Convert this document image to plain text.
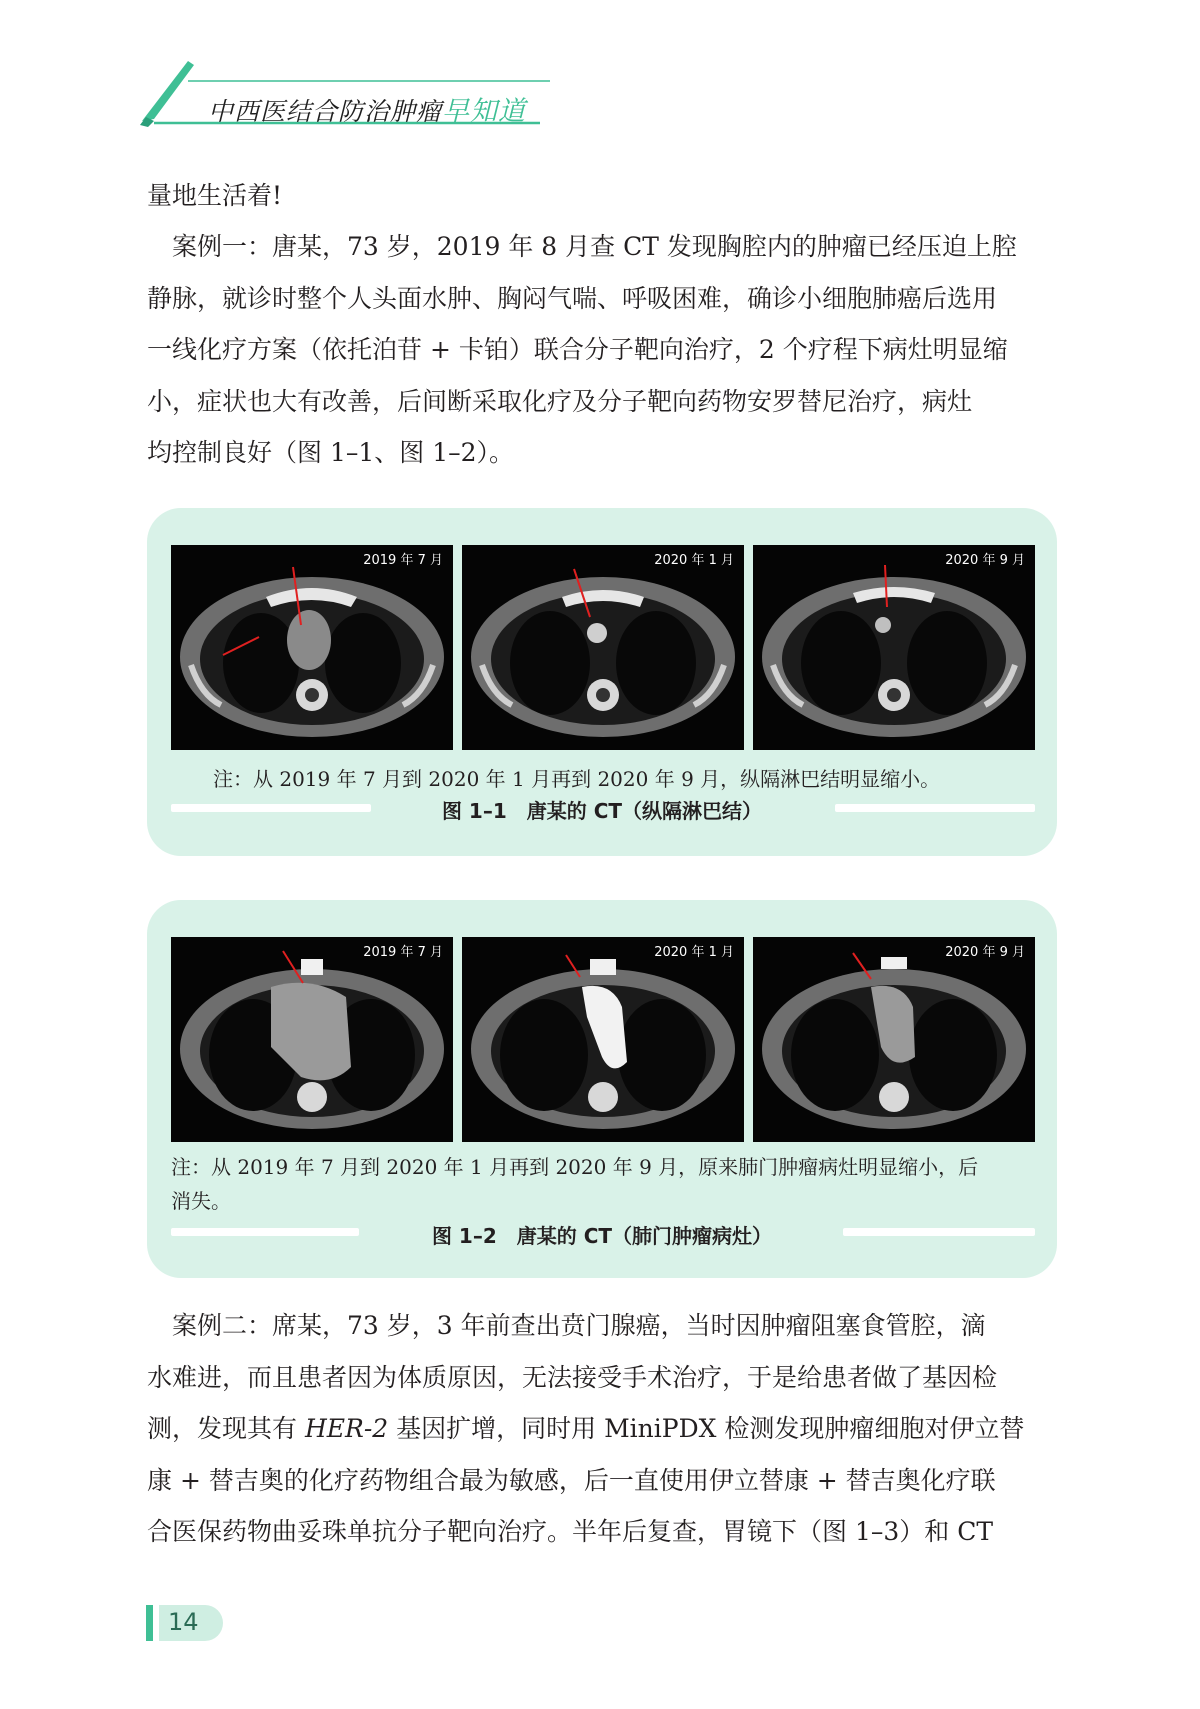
中西医结合防治肿瘤早知道
量地生活着!
　案例一：唐某，73 岁，2019 年 8 月查 CT 发现胸腔内的肿瘤已经压迫上腔
静脉，就诊时整个人头面水肿、胸闷气喘、呼吸困难，确诊小细胞肺癌后选用
一线化疗方案（依托泊苷 + 卡铂）联合分子靶向治疗，2 个疗程下病灶明显缩
小，症状也大有改善，后间断采取化疗及分子靶向药物安罗替尼治疗，病灶
均控制良好（图 1–1、图 1–2）。
2019 年 7 月	2020 年 1 月	2020 年 9 月
注：从 2019 年 7 月到 2020 年 1 月再到 2020 年 9 月，纵隔淋巴结明显缩小。
图 1–1　唐某的 CT（纵隔淋巴结）
2019 年 7 月	2020 年 1 月	2020 年 9 月
注：从 2019 年 7 月到 2020 年 1 月再到 2020 年 9 月，原来肺门肿瘤病灶明显缩小，后
消失。
图 1–2　唐某的 CT（肺门肿瘤病灶）
　案例二：席某，73 岁，3 年前查出贲门腺癌，当时因肿瘤阻塞食管腔，滴
水难进，而且患者因为体质原因，无法接受手术治疗，于是给患者做了基因检
测，发现其有 HER-2 基因扩增，同时用 MiniPDX 检测发现肿瘤细胞对伊立替
康 + 替吉奥的化疗药物组合最为敏感，后一直使用伊立替康 + 替吉奥化疗联
合医保药物曲妥珠单抗分子靶向治疗。半年后复查，胃镜下（图 1–3）和 CT
14
